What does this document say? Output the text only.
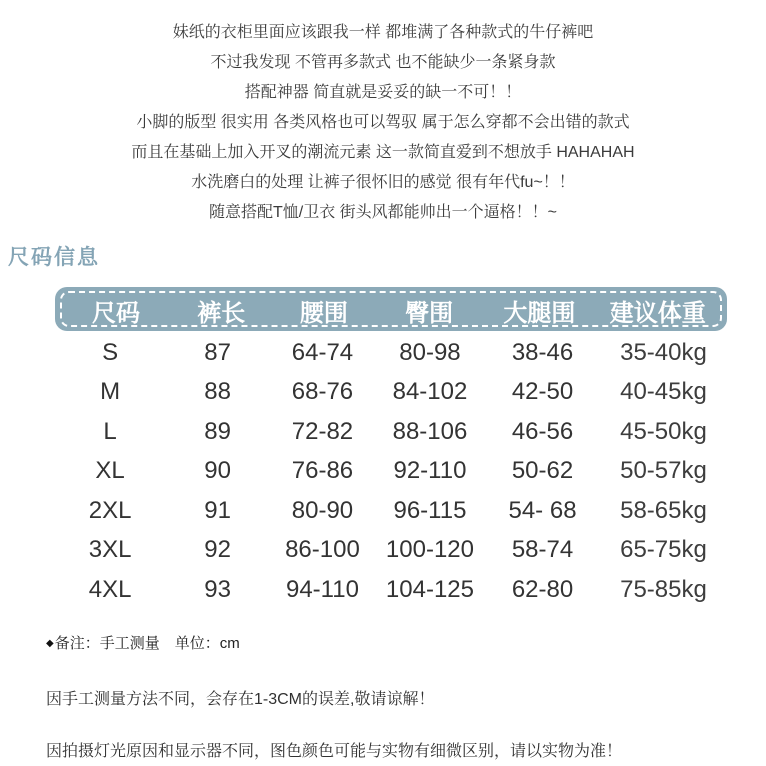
妹纸的衣柜里面应该跟我一样 都堆满了各种款式的牛仔裤吧

不过我发现 不管再多款式 也不能缺少一条紧身款

搭配神器 简直就是妥妥的缺一不可！！

小脚的版型 很实用 各类风格也可以驾驭 属于怎么穿都不会出错的款式

而且在基础上加入开叉的潮流元素 这一款简直爱到不想放手 HAHAHAH

水洗磨白的处理 让裤子很怀旧的感觉 很有年代fu~！！

随意搭配T恤/卫衣 街头风都能帅出一个逼格！！~

尺码信息
尺码	裤长	腰围	臀围	大腿围	建议体重
S	87	64-74	80-98	38-46	35-40kg
M	88	68-76	84-102	42-50	40-45kg
L	89	72-82	88-106	46-56	45-50kg
XL	90	76-86	92-110	50-62	50-57kg
2XL	91	80-90	96-115	54- 68	58-65kg
3XL	92	86-100	100-120	58-74	65-75kg
4XL	93	94-110	104-125	62-80	75-85kg
◆备注：手工测量　单位：cm
因手工测量方法不同，会存在1-3CM的误差,敬请谅解！
因拍摄灯光原因和显示器不同，图色颜色可能与实物有细微区别，请以实物为准！
